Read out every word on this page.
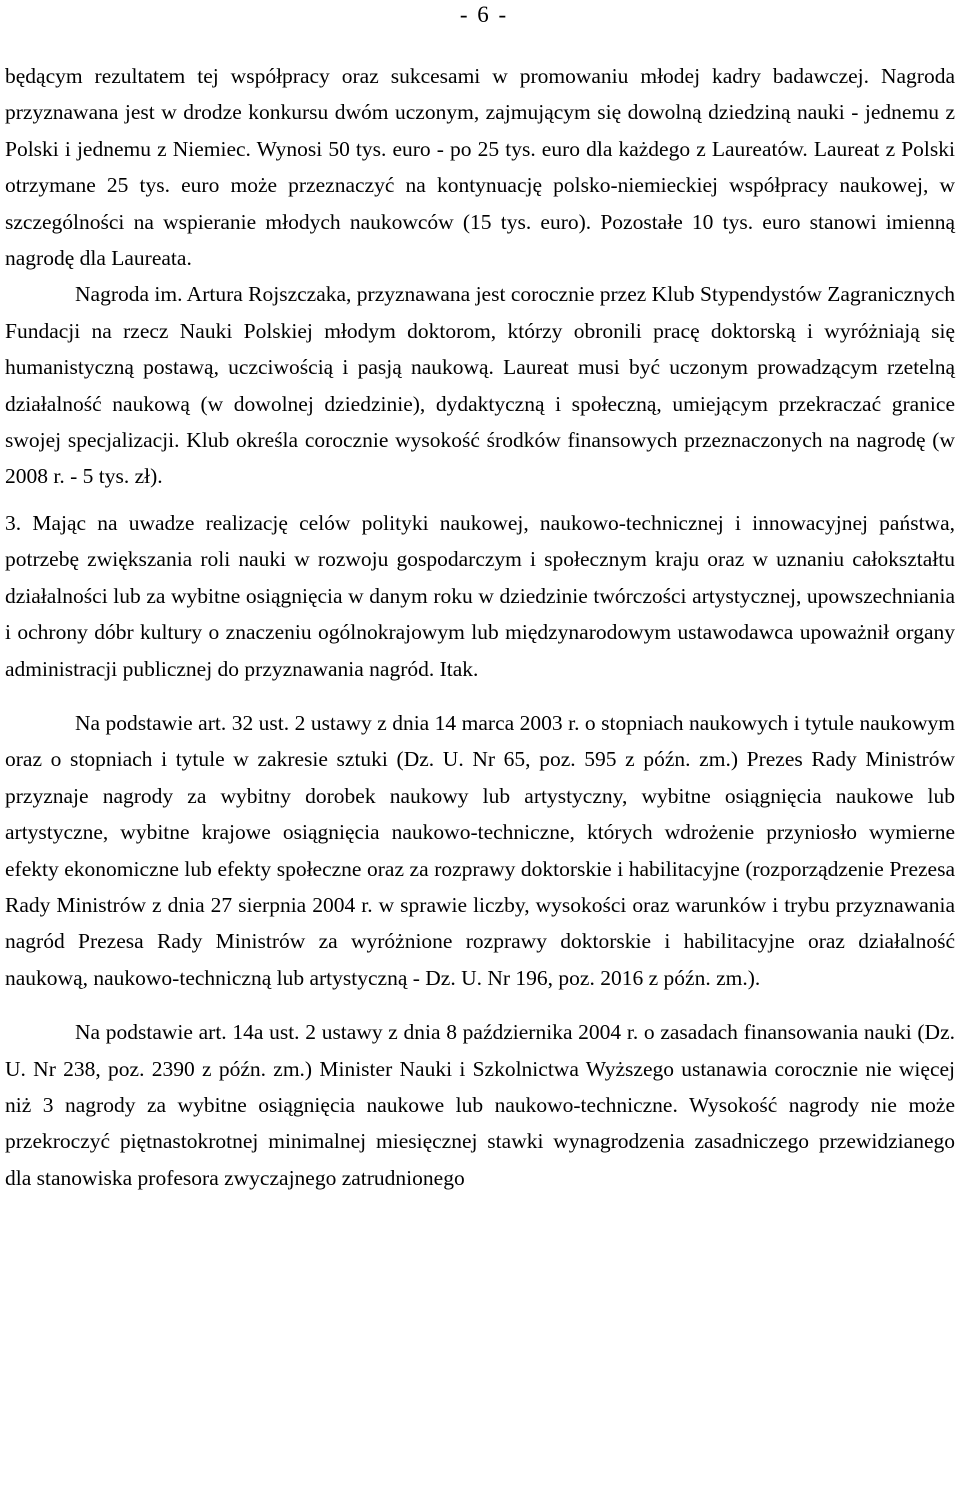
- 6 -

będącym rezultatem tej współpracy oraz sukcesami w promowaniu młodej kadry badawczej. Nagroda przyznawana jest w drodze konkursu dwóm uczonym, zajmującym się dowolną dziedziną nauki - jednemu z Polski i jednemu z Niemiec. Wynosi 50 tys. euro - po 25 tys. euro dla każdego z Laureatów. Laureat z Polski otrzymane 25 tys. euro może przeznaczyć na kontynuację polsko-niemieckiej współpracy naukowej, w szczególności na wspieranie młodych naukowców (15 tys. euro). Pozostałe 10 tys. euro stanowi imienną nagrodę dla Laureata.

Nagroda im. Artura Rojszczaka, przyznawana jest corocznie przez Klub Stypendystów Zagranicznych Fundacji na rzecz Nauki Polskiej młodym doktorom, którzy obronili pracę doktorską i wyróżniają się humanistyczną postawą, uczciwością i pasją naukową. Laureat musi być uczonym prowadzącym rzetelną działalność naukową (w dowolnej dziedzinie), dydaktyczną i społeczną, umiejącym przekraczać granice swojej specjalizacji. Klub określa corocznie wysokość środków finansowych przeznaczonych na nagrodę (w 2008 r. - 5 tys. zł).

3. Mając na uwadze realizację celów polityki naukowej, naukowo-technicznej i innowacyjnej państwa, potrzebę zwiększania roli nauki w rozwoju gospodarczym i społecznym kraju oraz w uznaniu całokształtu działalności lub za wybitne osiągnięcia w danym roku w dziedzinie twórczości artystycznej, upowszechniania i ochrony dóbr kultury o znaczeniu ogólnokrajowym lub międzynarodowym ustawodawca upoważnił organy administracji publicznej do przyznawania nagród. Itak.

Na podstawie art. 32 ust. 2 ustawy z dnia 14 marca 2003 r. o stopniach naukowych i tytule naukowym oraz o stopniach i tytule w zakresie sztuki (Dz. U. Nr 65, poz. 595 z późn. zm.) Prezes Rady Ministrów przyznaje nagrody za wybitny dorobek naukowy lub artystyczny, wybitne osiągnięcia naukowe lub artystyczne, wybitne krajowe osiągnięcia naukowo-techniczne, których wdrożenie przyniosło wymierne efekty ekonomiczne lub efekty społeczne oraz za rozprawy doktorskie i habilitacyjne (rozporządzenie Prezesa Rady Ministrów z dnia 27 sierpnia 2004 r. w sprawie liczby, wysokości oraz warunków i trybu przyznawania nagród Prezesa Rady Ministrów za wyróżnione rozprawy doktorskie i habilitacyjne oraz działalność naukową, naukowo-techniczną lub artystyczną - Dz. U. Nr 196, poz. 2016 z późn. zm.).

Na podstawie art. 14a ust. 2 ustawy z dnia 8 października 2004 r. o zasadach finansowania nauki (Dz. U. Nr 238, poz. 2390 z późn. zm.) Minister Nauki i Szkolnictwa Wyższego ustanawia corocznie nie więcej niż 3 nagrody za wybitne osiągnięcia naukowe lub naukowo-techniczne. Wysokość nagrody nie może przekroczyć piętnastokrotnej minimalnej miesięcznej stawki wynagrodzenia zasadniczego przewidzianego dla stanowiska profesora zwyczajnego zatrudnionego
